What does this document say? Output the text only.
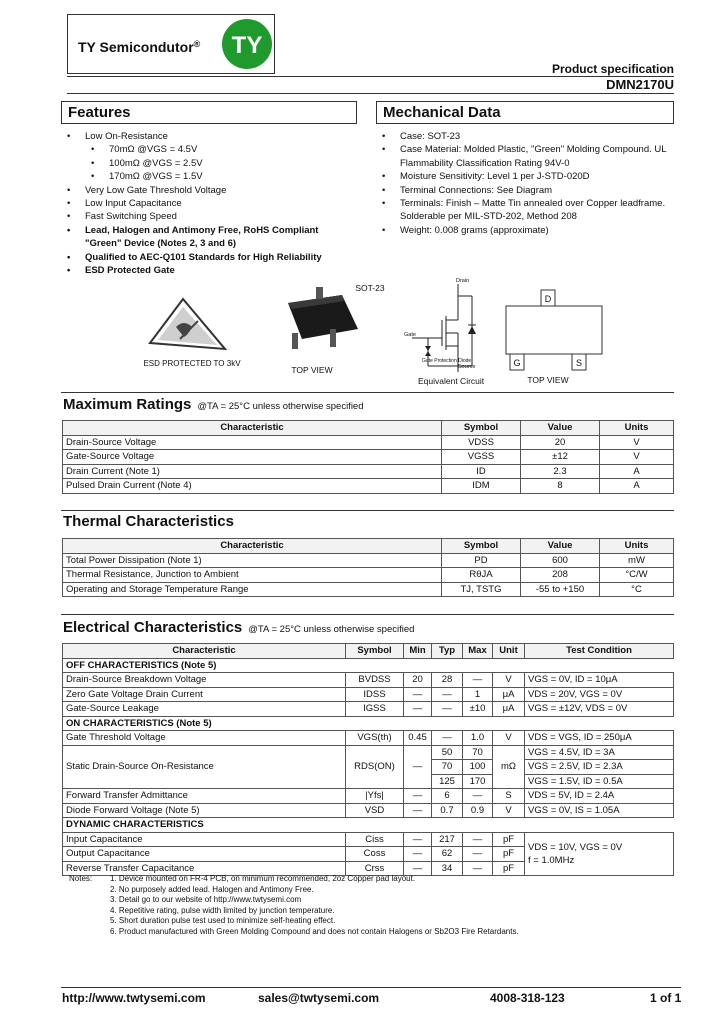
TY Semicondutor® TY
Product specification
DMN2170U
Features
• Low On-Resistance
• 70mΩ @VGS = 4.5V
• 100mΩ @VGS = 2.5V
• 170mΩ @VGS = 1.5V
• Very Low Gate Threshold Voltage
• Low Input Capacitance
• Fast Switching Speed
• Lead, Halogen and Antimony Free, RoHS Compliant "Green" Device (Notes 2, 3 and 6)
• Qualified to AEC-Q101 Standards for High Reliability
• ESD Protected Gate
Mechanical Data
• Case: SOT-23
• Case Material: Molded Plastic, "Green" Molding Compound. UL Flammability Classification Rating 94V-0
• Moisture Sensitivity: Level 1 per J-STD-020D
• Terminal Connections: See Diagram
• Terminals: Finish – Matte Tin annealed over Copper leadframe. Solderable per MIL-STD-202, Method 208
• Weight: 0.008 grams (approximate)
ESD PROTECTED TO 3kV
SOT-23
TOP VIEW
Drain
Gate
Source
Gate Protection Diode
Equivalent Circuit
D
G	S
TOP VIEW
Maximum Ratings @TA = 25°C unless otherwise specified
Characteristic	Symbol	Value	Units
Drain-Source Voltage	VDSS	20	V
Gate-Source Voltage	VGSS	±12	V
Drain Current (Note 1)	ID	2.3	A
Pulsed Drain Current (Note 4)	IDM	8	A
Thermal Characteristics
Characteristic	Symbol	Value	Units
Total Power Dissipation (Note 1)	PD	600	mW
Thermal Resistance, Junction to Ambient	RθJA	208	°C/W
Operating and Storage Temperature Range	TJ, TSTG	-55 to +150	°C
Electrical Characteristics @TA = 25°C unless otherwise specified
Characteristic	Symbol	Min	Typ	Max	Unit	Test Condition
OFF CHARACTERISTICS (Note 5)						
Drain-Source Breakdown Voltage	BVDSS	20	28	—	V	VGS = 0V, ID = 10μA
Zero Gate Voltage Drain Current	IDSS	—	—	1	μA	VDS = 20V, VGS = 0V
Gate-Source Leakage	IGSS	—	—	±10	μA	VGS = ±12V, VDS = 0V
ON CHARACTERISTICS (Note 5)						
Gate Threshold Voltage	VGS(th)	0.45	—	1.0	V	VDS = VGS, ID = 250μA
Static Drain-Source On-Resistance	RDS(ON)	—	50	70	mΩ	VGS = 4.5V, ID = 3A
			70	100		VGS = 2.5V, ID = 2.3A
			125	170		VGS = 1.5V, ID = 0.5A
Forward Transfer Admittance	|Yfs|	—	6	—	S	VDS = 5V, ID = 2.4A
Diode Forward Voltage (Note 5)	VSD	—	0.7	0.9	V	VGS = 0V, IS = 1.05A
DYNAMIC CHARACTERISTICS						
Input Capacitance	Ciss	—	217	—	pF	VDS = 10V, VGS = 0V
f = 1.0MHz

Output Capacitance	Coss	—	62	—	pF	
Reverse Transfer Capacitance	Crss	—	34	—	pF	
Notes: 1. Device mounted on FR-4 PCB, on minimum recommended, 2oz Copper pad layout.
2. No purposely added lead. Halogen and Antimony Free.
3. Detail go to our website of http://www.twtysemi.com
4. Repetitive rating, pulse width limited by junction temperature.
5. Short duration pulse test used to minimize self-heating effect.
6. Product manufactured with Green Molding Compound and does not contain Halogens or Sb2O3 Fire Retardants.
http://www.twtysemi.com	sales@twtysemi.com	4008-318-123	1 of 1
